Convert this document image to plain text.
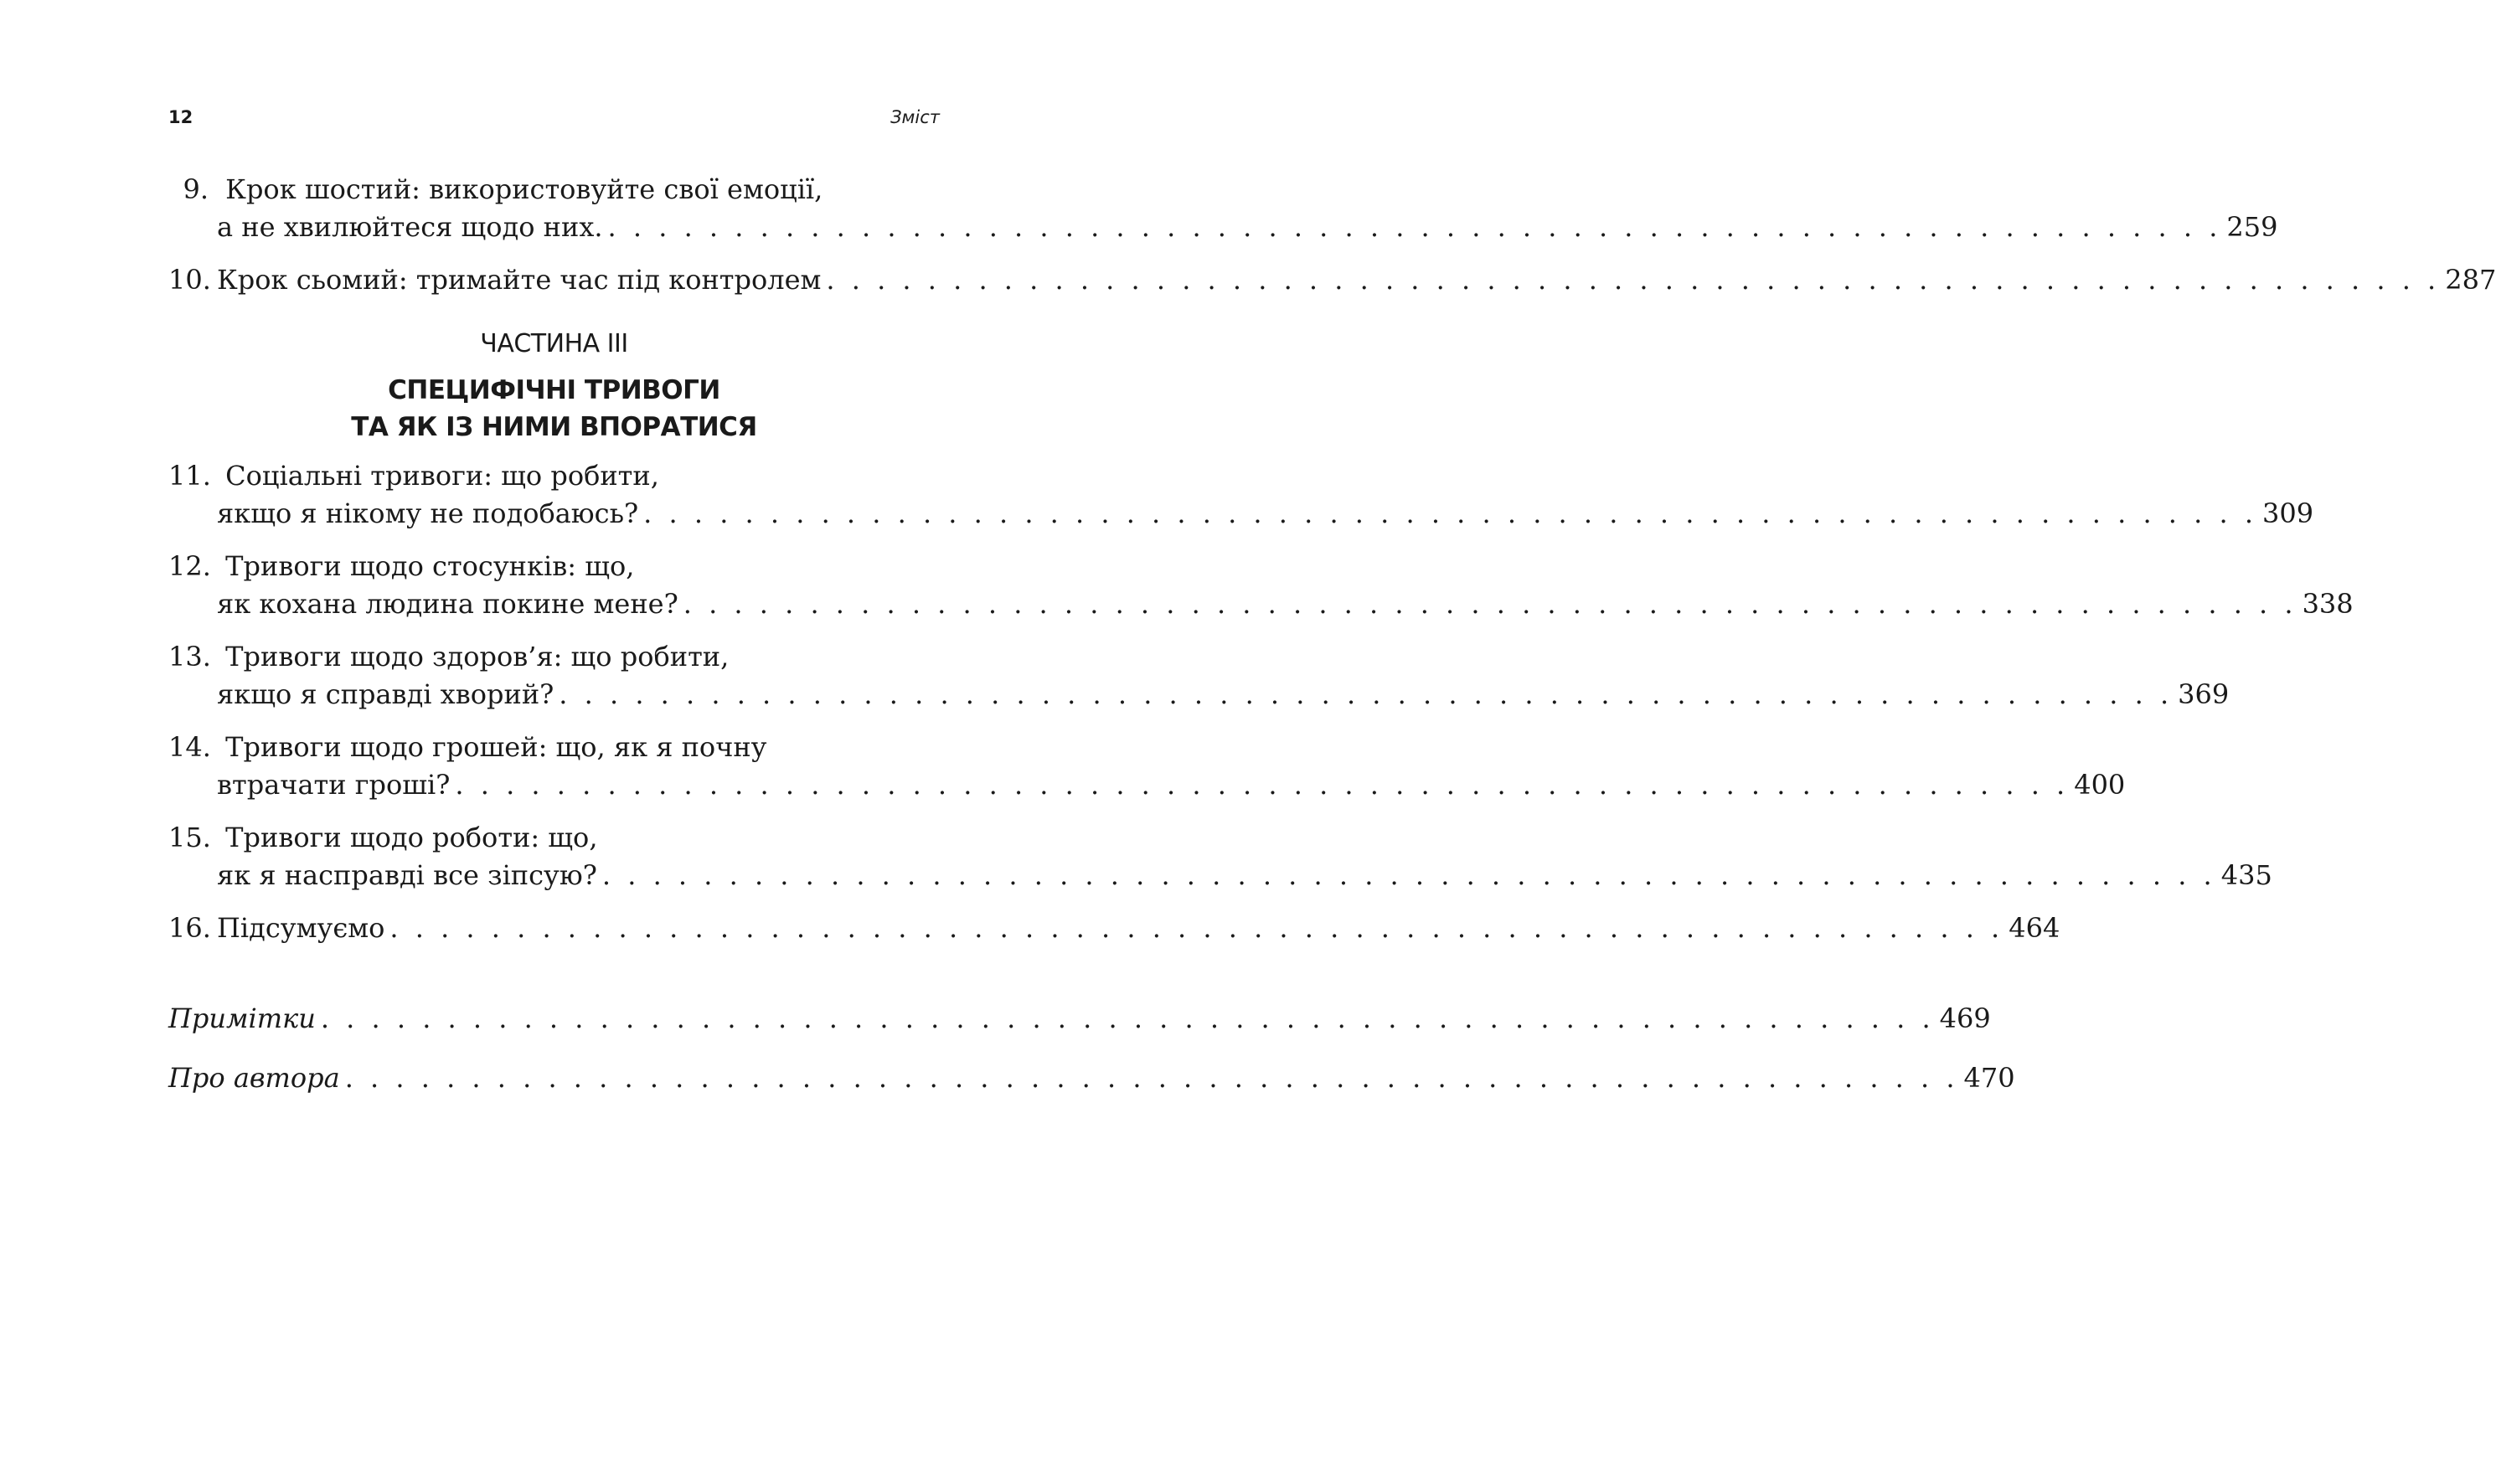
12	Зміст
9. Крок шостий: використовуйте свої емоції,
а не хвилюйтеся щодо них. . . . . . . . . . . . . . . . . . . . . . . . . . . . . . . . . . . . . . . . . . . . . . . . . . . . . . . . . . . . . . . . . 259
10. Крок сьомий: тримайте час під контролем . . . . . . . . . . . . . . . . . . . . . . . . . . . . . . . . . . . . . . . . . . . . . . . . . . . . . . . . . . . . . . . . 287
11. Соціальні тривоги: що робити,
якщо я нікому не подобаюсь? . . . . . . . . . . . . . . . . . . . . . . . . . . . . . . . . . . . . . . . . . . . . . . . . . . . . . . . . . . . . . . . . 309
12. Тривоги щодо стосунків: що,
як кохана людина покине мене? . . . . . . . . . . . . . . . . . . . . . . . . . . . . . . . . . . . . . . . . . . . . . . . . . . . . . . . . . . . . . . . . 338
13. Тривоги щодо здоров’я: що робити,
якщо я справді хворий? . . . . . . . . . . . . . . . . . . . . . . . . . . . . . . . . . . . . . . . . . . . . . . . . . . . . . . . . . . . . . . . . 369
14. Тривоги щодо грошей: що, як я почну
втрачати гроші? . . . . . . . . . . . . . . . . . . . . . . . . . . . . . . . . . . . . . . . . . . . . . . . . . . . . . . . . . . . . . . . . 400
15. Тривоги щодо роботи: що,
як я насправді все зіпсую? . . . . . . . . . . . . . . . . . . . . . . . . . . . . . . . . . . . . . . . . . . . . . . . . . . . . . . . . . . . . . . . . 435
16. Підсумуємо . . . . . . . . . . . . . . . . . . . . . . . . . . . . . . . . . . . . . . . . . . . . . . . . . . . . . . . . . . . . . . . . 464
Примітки . . . . . . . . . . . . . . . . . . . . . . . . . . . . . . . . . . . . . . . . . . . . . . . . . . . . . . . . . . . . . . . . 469
Про автора . . . . . . . . . . . . . . . . . . . . . . . . . . . . . . . . . . . . . . . . . . . . . . . . . . . . . . . . . . . . . . . . 470
ЧАСТИНА III
СПЕЦИФІЧНІ ТРИВОГИ
ТА ЯК ІЗ НИМИ ВПОРАТИСЯ
